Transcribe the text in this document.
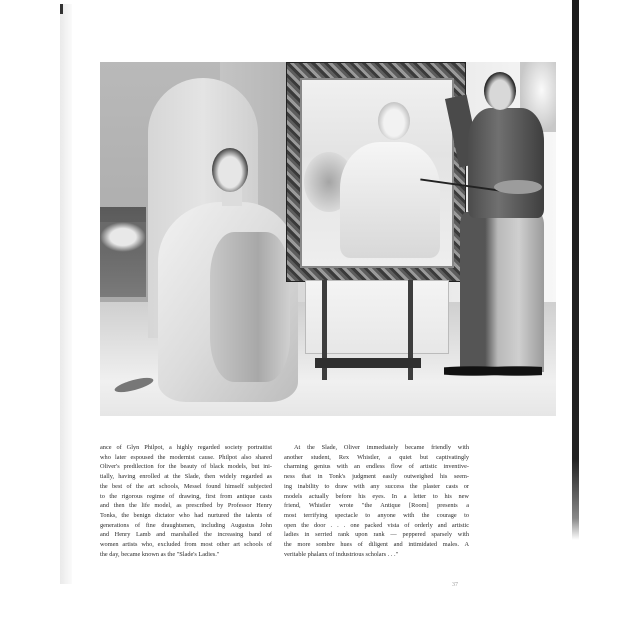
ance of Glyn Philpot, a highly regarded society portraitist
who later espoused the modernist cause. Philpot also shared
Oliver's predilection for the beauty of black models, but ini-
tially, having enrolled at the Slade, then widely regarded as
the best of the art schools, Messel found himself subjected
to the rigorous regime of drawing, first from antique casts
and then the life model, as prescribed by Professor Henry
Tonks, the benign dictator who had nurtured the talents of
generations of fine draughtsmen, including Augustus John
and Henry Lamb and marshalled the increasing band of
women artists who, excluded from most other art schools of
the day, became known as the "Slade's Ladies."
At the Slade, Oliver immediately became friendly with
another student, Rex Whistler, a quiet but captivatingly
charming genius with an endless flow of artistic inventive-
ness that in Tonk's judgment easily outweighed his seem-
ing inability to draw with any success the plaster casts or
models actually before his eyes. In a letter to his new
friend, Whistler wrote "the Antique [Room] presents a
most terrifying spectacle to anyone with the courage to
open the door . . . one packed vista of orderly and artistic
ladies in serried rank upon rank — peppered sparsely with
the more sombre hues of diligent and intimidated males. A
veritable phalanx of industrious scholars . . ."
37
